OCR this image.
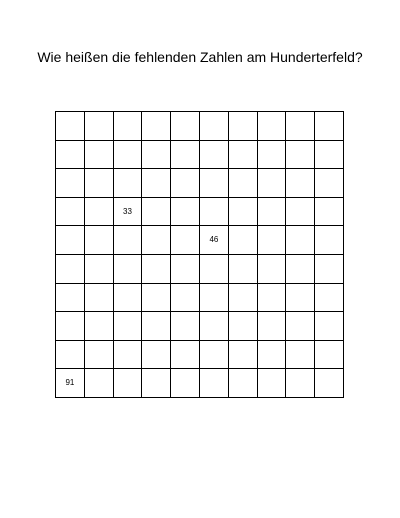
Wie heißen die fehlenden Zahlen am Hunderterfeld?
33
46
91
